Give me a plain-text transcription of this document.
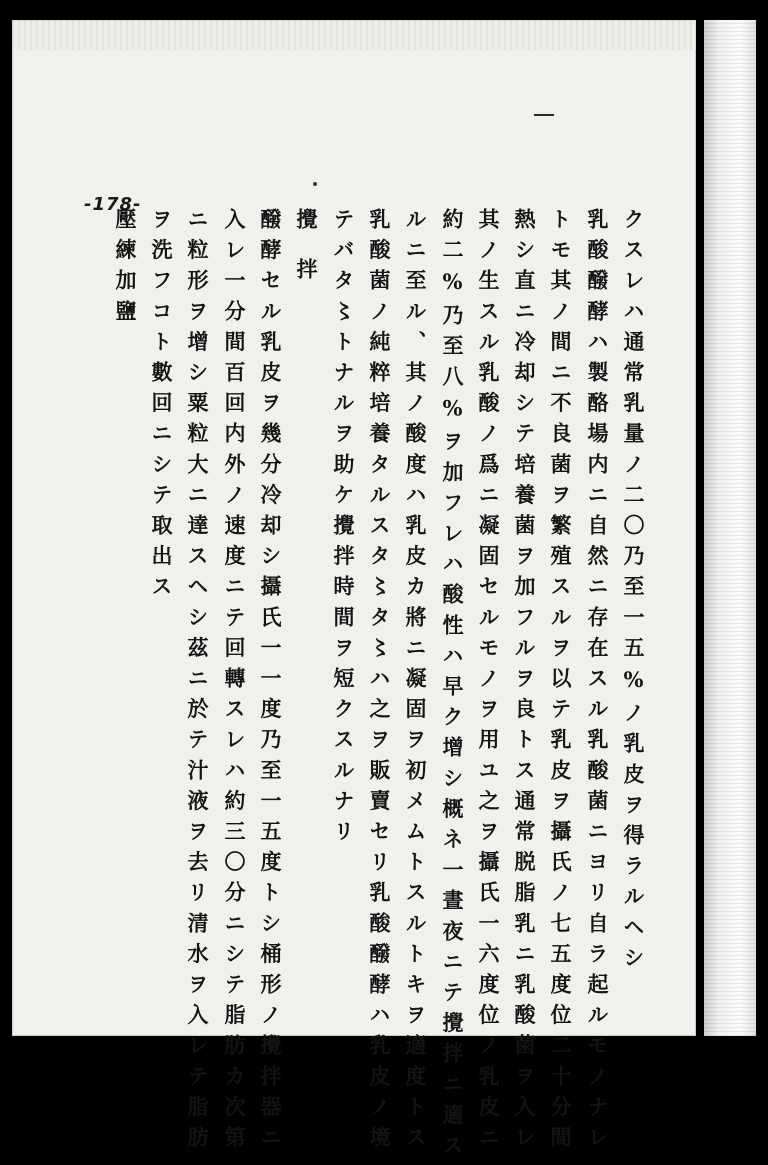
-178-
クスレハ通常乳量ノ二〇乃至一五%ノ乳皮ヲ得ラルヘシ
乳酸醱酵ハ製酪場内ニ自然ニ存在スル乳酸菌ニヨリ自ラ起ルモノナレ
トモ其ノ間ニ不良菌ヲ繁殖スルヲ以テ乳皮ヲ攝氏ノ七五度位二十分間
熱シ直ニ冷却シテ培養菌ヲ加フルヲ良トス通常脱脂乳ニ乳酸菌ヲ入レ
其ノ生スル乳酸ノ爲ニ凝固セルモノヲ用ユ之ヲ攝氏一六度位ノ乳皮ニ
約二%乃至八%ヲ加フレハ酸性ハ早ク增シ概ネ一晝夜ニテ攪拌ニ適ス
ルニ至ル、其ノ酸度ハ乳皮カ將ニ凝固ヲ初メムトスルトキヲ適度トス
乳酸菌ノ純粹培養タルスタ〻タ〻ハ之ヲ販賣セリ乳酸醱酵ハ乳皮ノ境
テバタ〻トナルヲ助ケ攪拌時間ヲ短クスルナリ
攪　拌
醱酵セル乳皮ヲ幾分冷却シ攝氏一一度乃至一五度トシ桶形ノ攪拌器ニ
入レ一分間百回内外ノ速度ニテ回轉スレハ約三〇分ニシテ脂肪カ次第
ニ粒形ヲ增シ粟粒大ニ達スヘシ茲ニ於テ汁液ヲ去リ清水ヲ入レテ脂肪
ヲ洗フコト數回ニシテ取出ス
壓練加鹽
